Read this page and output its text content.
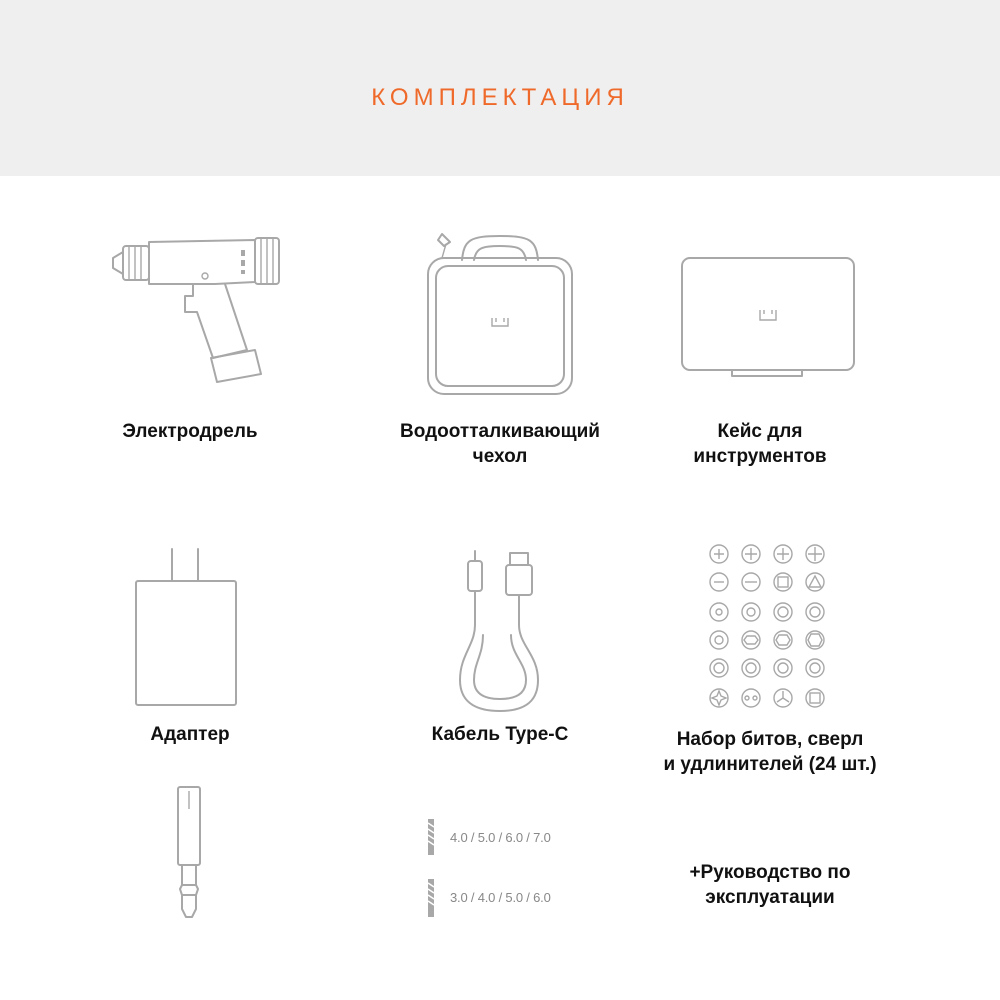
КОМПЛЕКТАЦИЯ
Электродрель	Водоотталкивающий
чехол
Кейс для
инструментов
Адаптер	Кабель Type-C	Набор битов, сверл
и удлинителей (24 шт.)
4.0 / 5.0 / 6.0 / 7.0
3.0 / 4.0 / 5.0 / 6.0
+Руководство по
эксплуатации
